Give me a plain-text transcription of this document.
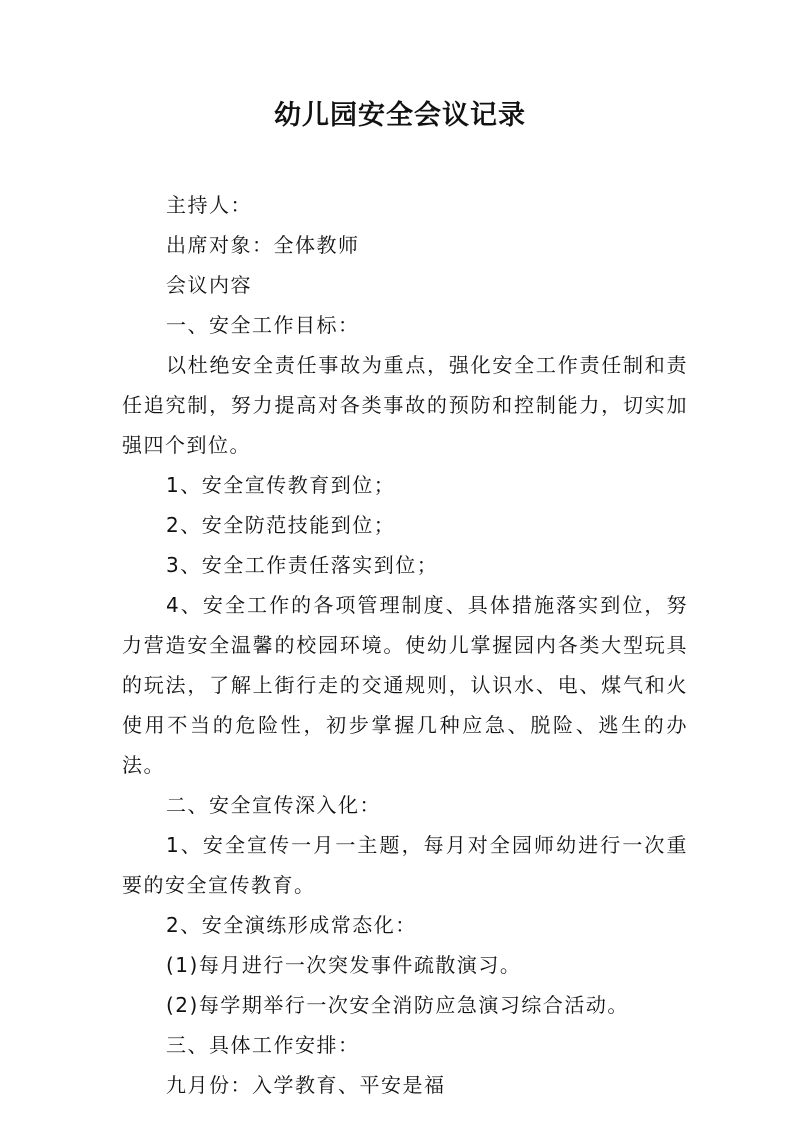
幼儿园安全会议记录

主持人：

出席对象：全体教师

会议内容

一、安全工作目标：

以杜绝安全责任事故为重点，强化安全工作责任制和责任追究制，努力提高对各类事故的预防和控制能力，切实加强四个到位。

1、安全宣传教育到位；

2、安全防范技能到位；

3、安全工作责任落实到位；

4、安全工作的各项管理制度、具体措施落实到位，努力营造安全温馨的校园环境。使幼儿掌握园内各类大型玩具的玩法，了解上街行走的交通规则，认识水、电、煤气和火使用不当的危险性，初步掌握几种应急、脱险、逃生的办法。

二、安全宣传深入化：

1、安全宣传一月一主题，每月对全园师幼进行一次重要的安全宣传教育。

2、安全演练形成常态化：

(1)每月进行一次突发事件疏散演习。

(2)每学期举行一次安全消防应急演习综合活动。

三、具体工作安排：

九月份：入学教育、平安是福
